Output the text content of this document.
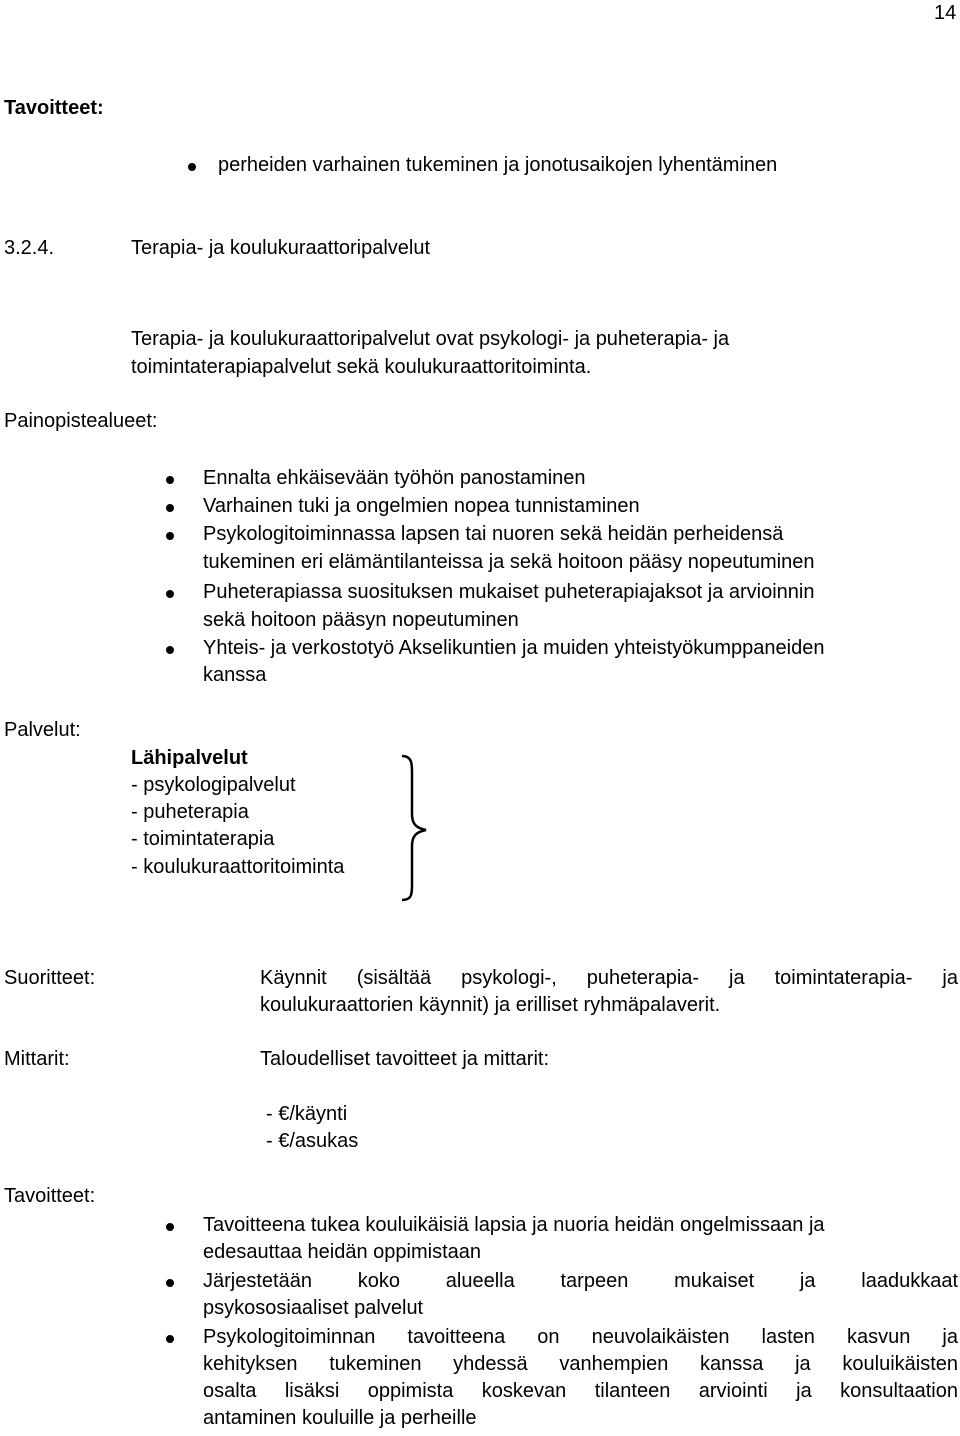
14
Tavoitteet:
perheiden varhainen tukeminen ja jonotusaikojen lyhentäminen
3.2.4.	Terapia- ja koulukuraattoripalvelut
Terapia- ja koulukuraattoripalvelut ovat psykologi- ja puheterapia- ja
toimintaterapiapalvelut sekä koulukuraattoritoiminta.
Painopistealueet:
Ennalta ehkäisevään työhön panostaminen
Varhainen tuki ja ongelmien nopea tunnistaminen
Psykologitoiminnassa lapsen tai nuoren sekä heidän perheidensä
tukeminen eri elämäntilanteissa ja sekä hoitoon pääsy nopeutuminen
Puheterapiassa suosituksen mukaiset puheterapiajaksot ja arvioinnin
sekä hoitoon pääsyn nopeutuminen
Yhteis- ja verkostotyö Akselikuntien ja muiden yhteistyökumppaneiden
kanssa
Palvelut:
Lähipalvelut
- psykologipalvelut
- puheterapia
- toimintaterapia
- koulukuraattoritoiminta
Suoritteet:	Käynnit (sisältää psykologi-, puheterapia- ja toimintaterapia- ja
koulukuraattorien käynnit) ja erilliset ryhmäpalaverit.
Mittarit:	Taloudelliset tavoitteet ja mittarit:
- €/käynti
- €/asukas
Tavoitteet:
Tavoitteena tukea kouluikäisiä lapsia ja nuoria heidän ongelmissaan ja
edesauttaa heidän oppimistaan
Järjestetään koko alueella tarpeen mukaiset ja laadukkaat
psykososiaaliset palvelut
Psykologitoiminnan tavoitteena on neuvolaikäisten lasten kasvun ja
kehityksen tukeminen yhdessä vanhempien kanssa ja kouluikäisten
osalta lisäksi oppimista koskevan tilanteen arviointi ja konsultaation
antaminen kouluille ja perheille
